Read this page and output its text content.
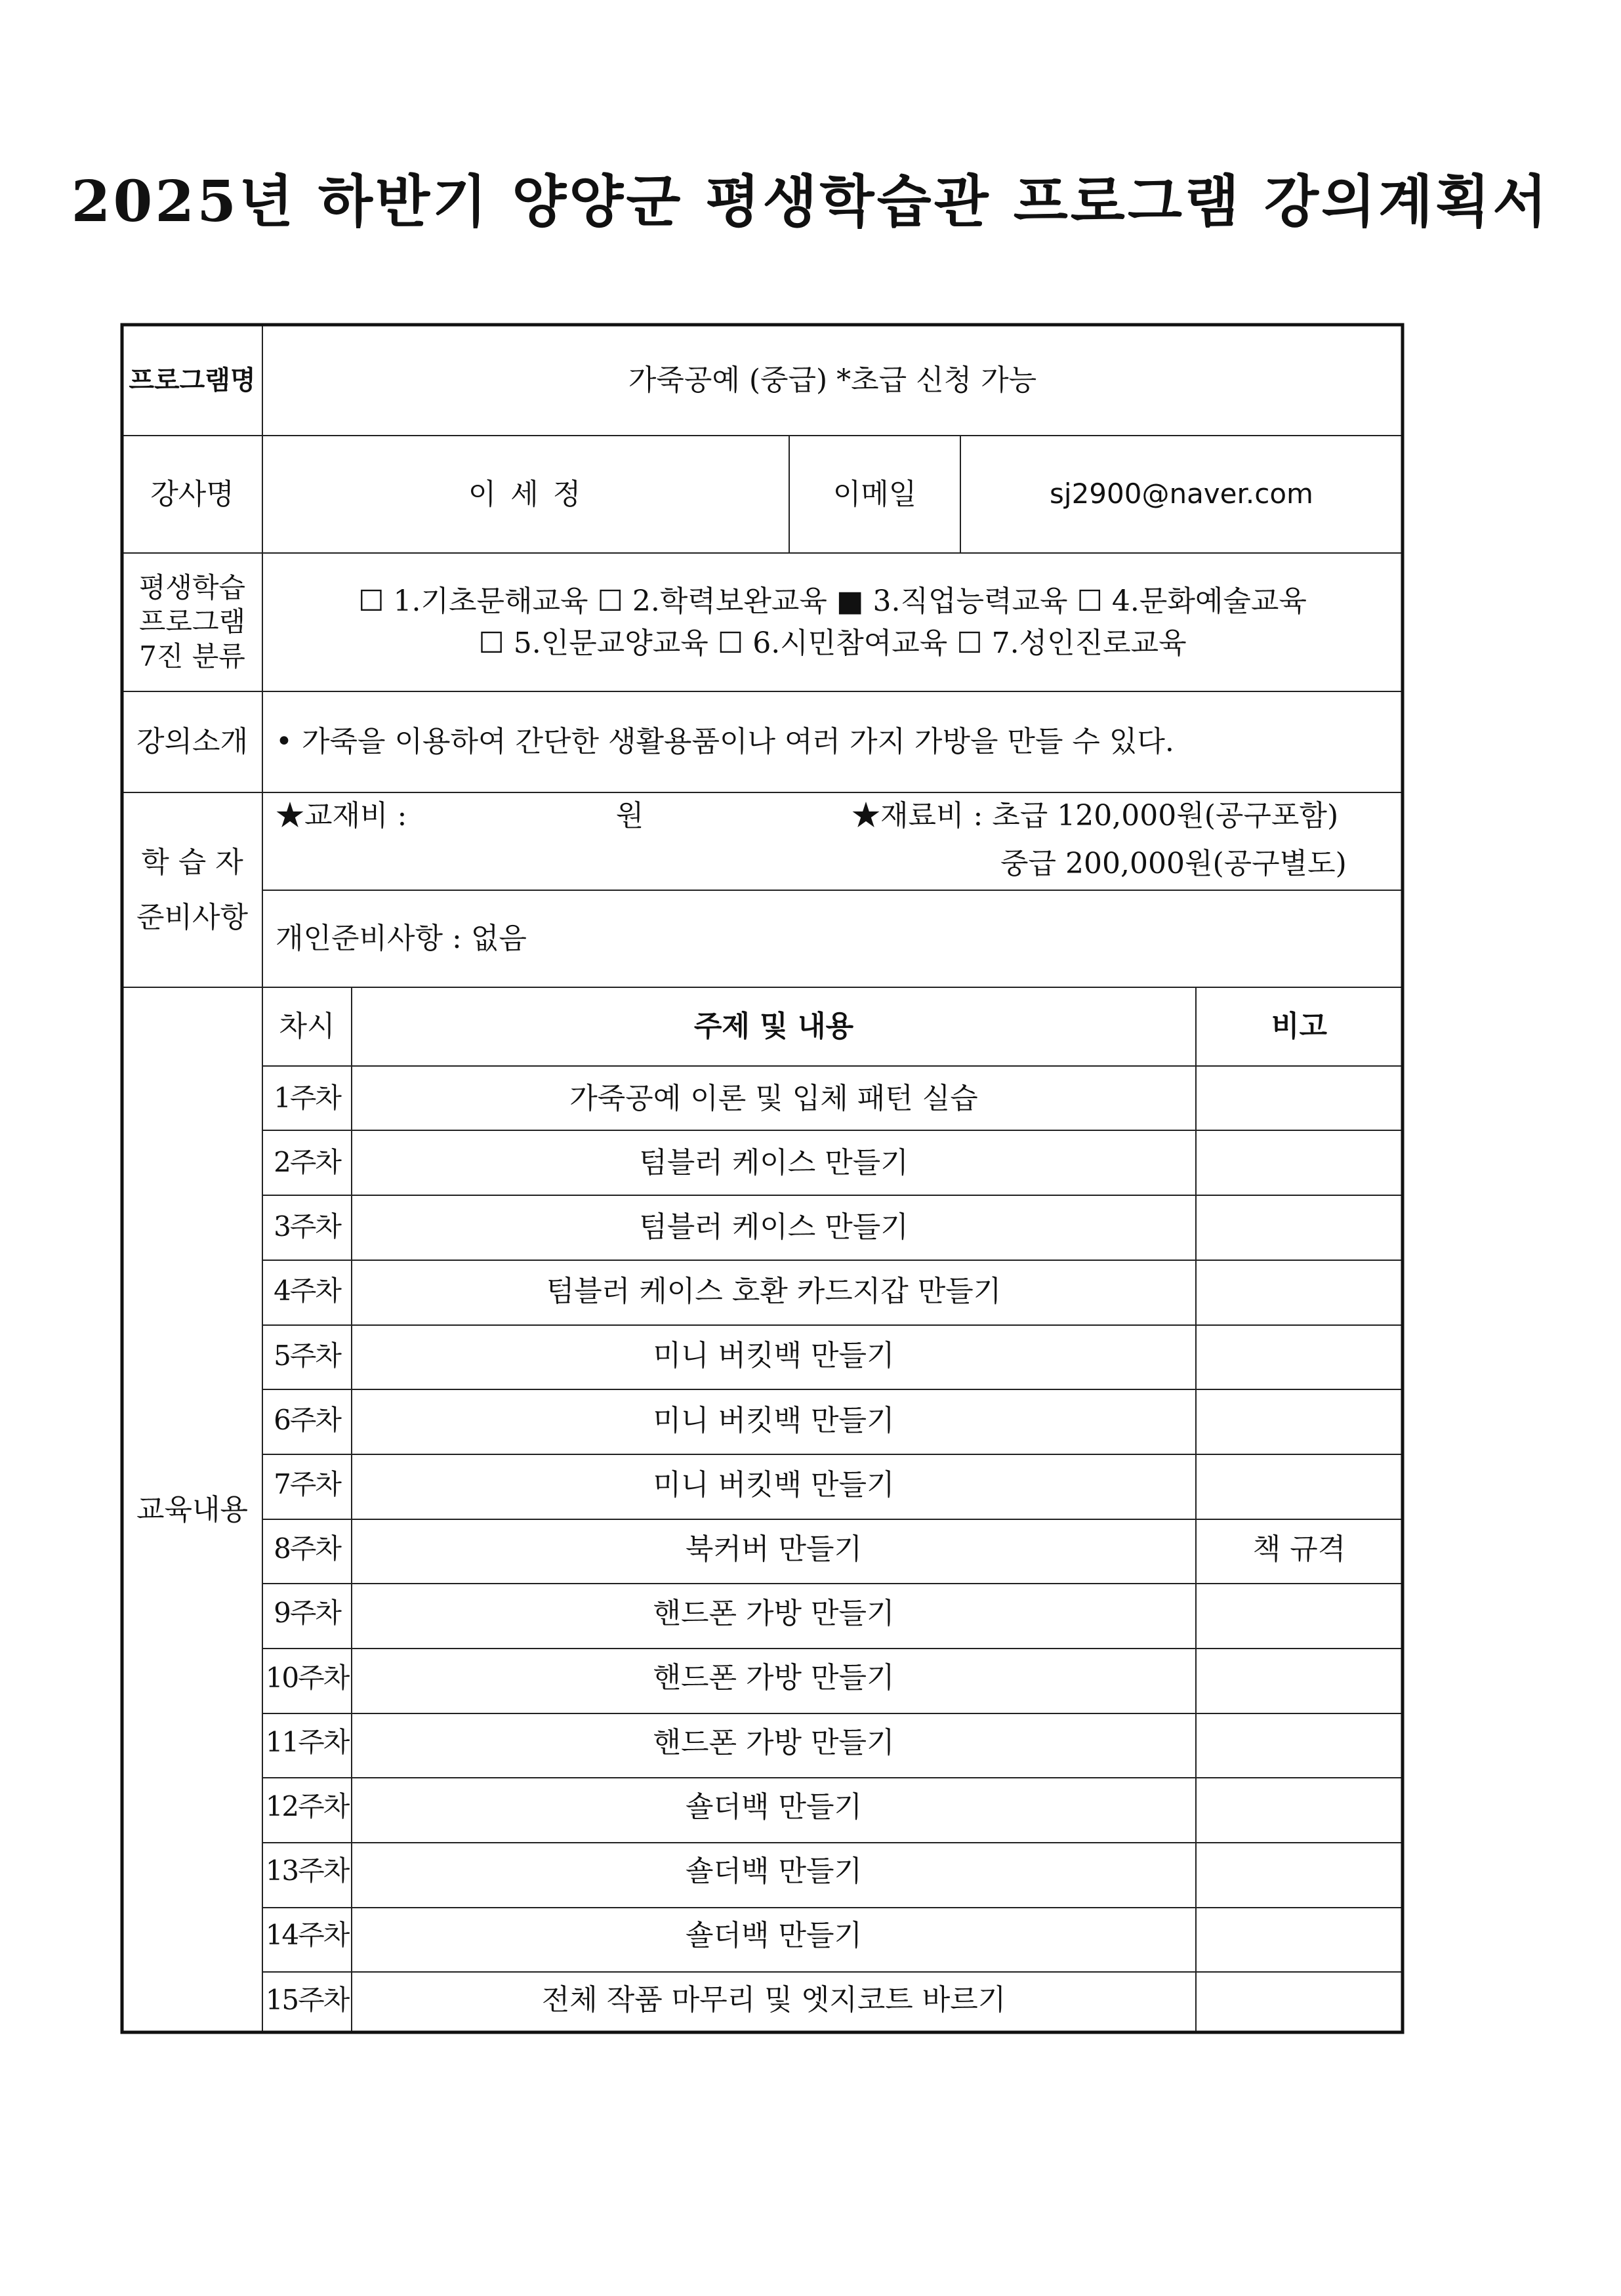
2025년 하반기 양양군 평생학습관 프로그램 강의계획서
프로그램명	가죽공예 (중급) *초급 신청 가능
강사명	이 세 정	이메일	sj2900@naver.com
평생학습
프로그램
7진 분류
☐ 1.기초문해교육 ☐ 2.학력보완교육 ■ 3.직업능력교육 ☐ 4.문화예술교육
☐ 5.인문교양교육 ☐ 6.시민참여교육 ☐ 7.성인진로교육
강의소개 • 가죽을 이용하여 간단한 생활용품이나 여러 가지 가방을 만들 수 있다.
학 습 자
준비사항
★교재비 :	원	★재료비 : 초급 120,000원(공구포함)
중급 200,000원(공구별도)
개인준비사항 : 없음
교육내용
차시	주제 및 내용	비고
1주차	가죽공예 이론 및 입체 패턴 실습
2주차	텀블러 케이스 만들기
3주차	텀블러 케이스 만들기
4주차	텀블러 케이스 호환 카드지갑 만들기
5주차	미니 버킷백 만들기
6주차	미니 버킷백 만들기
7주차	미니 버킷백 만들기
8주차	북커버 만들기	책 규격
9주차	핸드폰 가방 만들기
10주차	핸드폰 가방 만들기
11주차	핸드폰 가방 만들기
12주차	숄더백 만들기
13주차	숄더백 만들기
14주차	숄더백 만들기
15주차	전체 작품 마무리 및 엣지코트 바르기
